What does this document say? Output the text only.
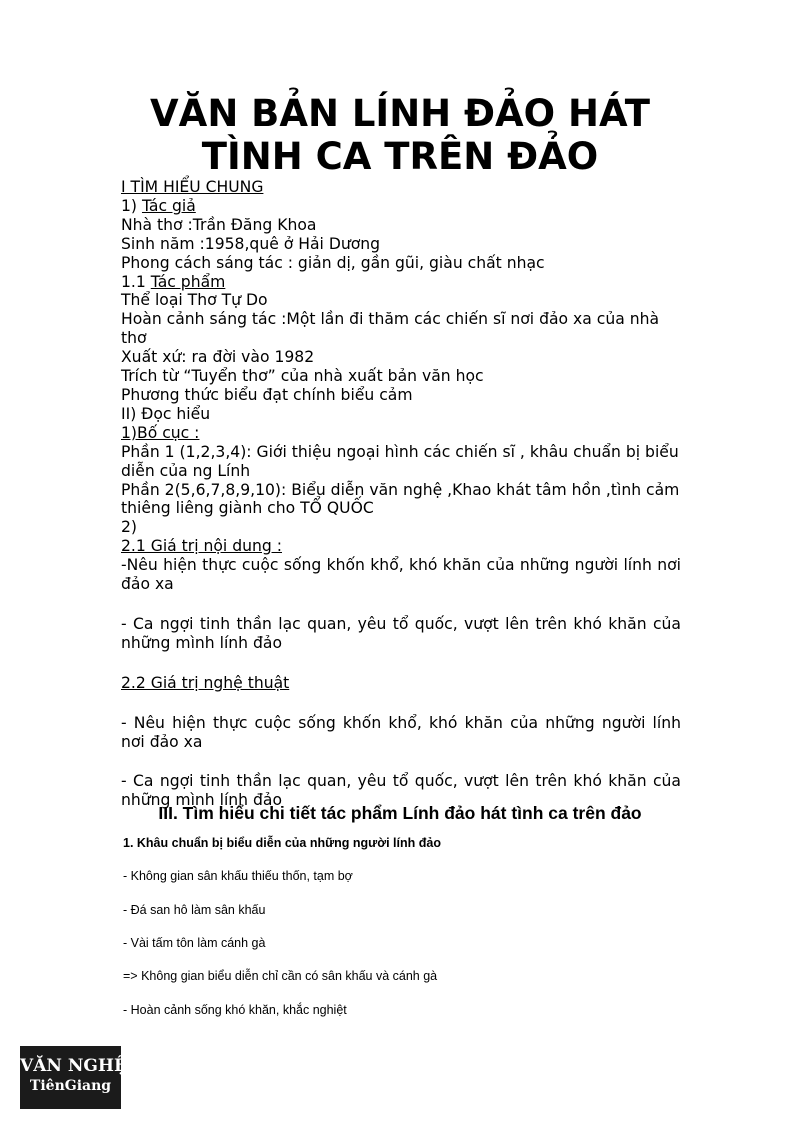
VĂN BẢN LÍNH ĐẢO HÁT
TÌNH CA TRÊN ĐẢO
I TÌM HIỂU CHUNG
1) Tác giả
Nhà thơ :Trần Đăng Khoa
Sinh năm :1958,quê ở Hải Dương
Phong cách sáng tác : giản dị, gần gũi, giàu chất nhạc
1.1 Tác phẩm
Thể loại Thơ Tự Do
Hoàn cảnh sáng tác :Một lần đi thăm các chiến sĩ nơi đảo xa của nhà thơ
Xuất xứ: ra đời vào 1982
Trích từ “Tuyển thơ” của nhà xuất bản văn học
Phương thức biểu đạt chính biểu cảm
II) Đọc hiểu
1)Bố cục :
Phần 1 (1,2,3,4): Giới thiệu ngoại hình các chiến sĩ , khâu chuẩn bị biểu diễn của ng Lính
Phần 2(5,6,7,8,9,10): Biểu diễn văn nghệ ,Khao khát tâm hồn ,tình cảm thiêng liêng giành cho TỔ QUỐC
2)
2.1 Giá trị nội dung :
-Nêu hiện thực cuộc sống khốn khổ, khó khăn của những người lính nơi đảo xa
- Ca ngợi tinh thần lạc quan, yêu tổ quốc, vượt lên trên khó khăn của những mình lính đảo
2.2 Giá trị nghệ thuật
- Nêu hiện thực cuộc sống khốn khổ, khó khăn của những người lính nơi đảo xa
- Ca ngợi tinh thần lạc quan, yêu tổ quốc, vượt lên trên khó khăn của những mình lính đảo
III. Tìm hiểu chi tiết tác phẩm Lính đảo hát tình ca trên đảo
1. Khâu chuẩn bị biểu diễn của những người lính đảo
- Không gian sân khấu thiếu thốn, tạm bợ
- Đá san hô làm sân khấu
- Vài tấm tôn làm cánh gà
=> Không gian biểu diễn chỉ cần có sân khấu và cánh gà
- Hoàn cảnh sống khó khăn, khắc nghiệt
VĂN NGHỆ
TiênGiang
